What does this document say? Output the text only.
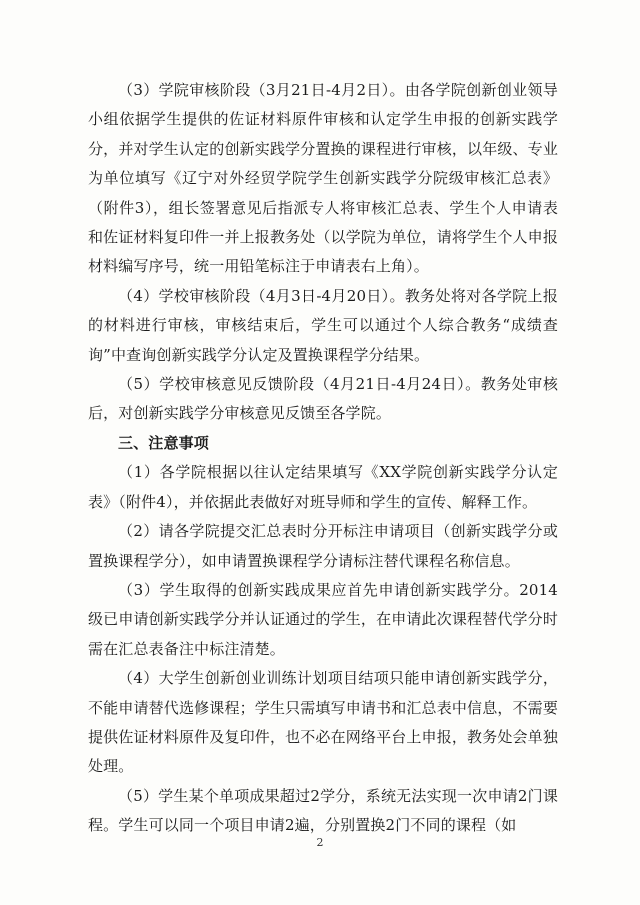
（3）学院审核阶段（3月21日-4月2日）。由各学院创新创业领导小组依据学生提供的佐证材料原件审核和认定学生申报的创新实践学分，并对学生认定的创新实践学分置换的课程进行审核，以年级、专业为单位填写《辽宁对外经贸学院学生创新实践学分院级审核汇总表》（附件3），组长签署意见后指派专人将审核汇总表、学生个人申请表和佐证材料复印件一并上报教务处（以学院为单位，请将学生个人申报材料编写序号，统一用铅笔标注于申请表右上角）。

（4）学校审核阶段（4月3日-4月20日）。教务处将对各学院上报的材料进行审核，审核结束后，学生可以通过个人综合教务“成绩查询”中查询创新实践学分认定及置换课程学分结果。

（5）学校审核意见反馈阶段（4月21日-4月24日）。教务处审核后，对创新实践学分审核意见反馈至各学院。

三、注意事项

（1）各学院根据以往认定结果填写《XX学院创新实践学分认定表》（附件4），并依据此表做好对班导师和学生的宣传、解释工作。

（2）请各学院提交汇总表时分开标注申请项目（创新实践学分或置换课程学分），如申请置换课程学分请标注替代课程名称信息。

（3）学生取得的创新实践成果应首先申请创新实践学分。2014级已申请创新实践学分并认证通过的学生，在申请此次课程替代学分时需在汇总表备注中标注清楚。

（4）大学生创新创业训练计划项目结项只能申请创新实践学分，不能申请替代选修课程；学生只需填写申请书和汇总表中信息，不需要提供佐证材料原件及复印件，也不必在网络平台上申报，教务处会单独处理。

（5）学生某个单项成果超过2学分，系统无法实现一次申请2门课程。学生可以同一个项目申请2遍，分别置换2门不同的课程（如

2
